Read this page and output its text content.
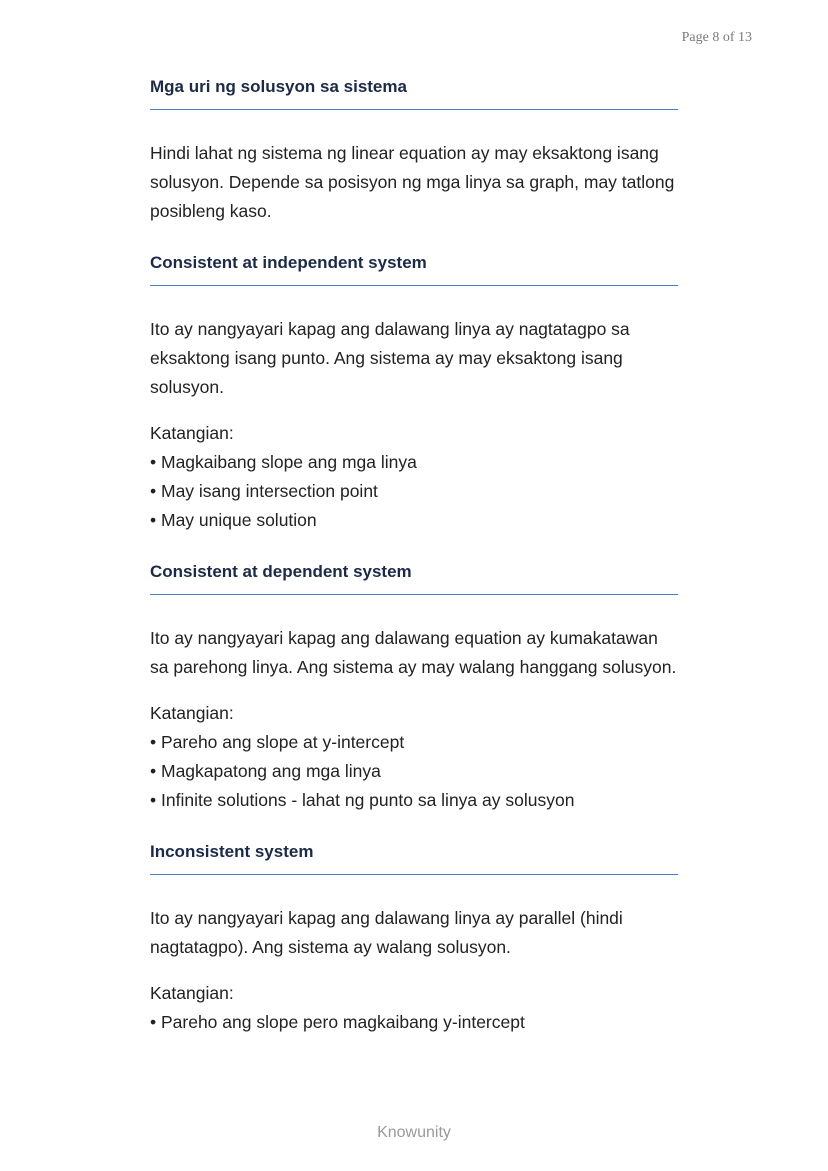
Page 8 of 13
Mga uri ng solusyon sa sistema

Hindi lahat ng sistema ng linear equation ay may eksaktong isang solusyon. Depende sa posisyon ng mga linya sa graph, may tatlong posibleng kaso.

Consistent at independent system

Ito ay nangyayari kapag ang dalawang linya ay nagtatagpo sa eksaktong isang punto. Ang sistema ay may eksaktong isang solusyon.

Katangian:

• Magkaibang slope ang mga linya
• May isang intersection point
• May unique solution
Consistent at dependent system

Ito ay nangyayari kapag ang dalawang equation ay kumakatawan sa parehong linya. Ang sistema ay may walang hanggang solusyon.

Katangian:

• Pareho ang slope at y-intercept
• Magkapatong ang mga linya
• Infinite solutions - lahat ng punto sa linya ay solusyon
Inconsistent system

Ito ay nangyayari kapag ang dalawang linya ay parallel (hindi nagtatagpo). Ang sistema ay walang solusyon.

Katangian:

• Pareho ang slope pero magkaibang y-intercept
Knowunity
